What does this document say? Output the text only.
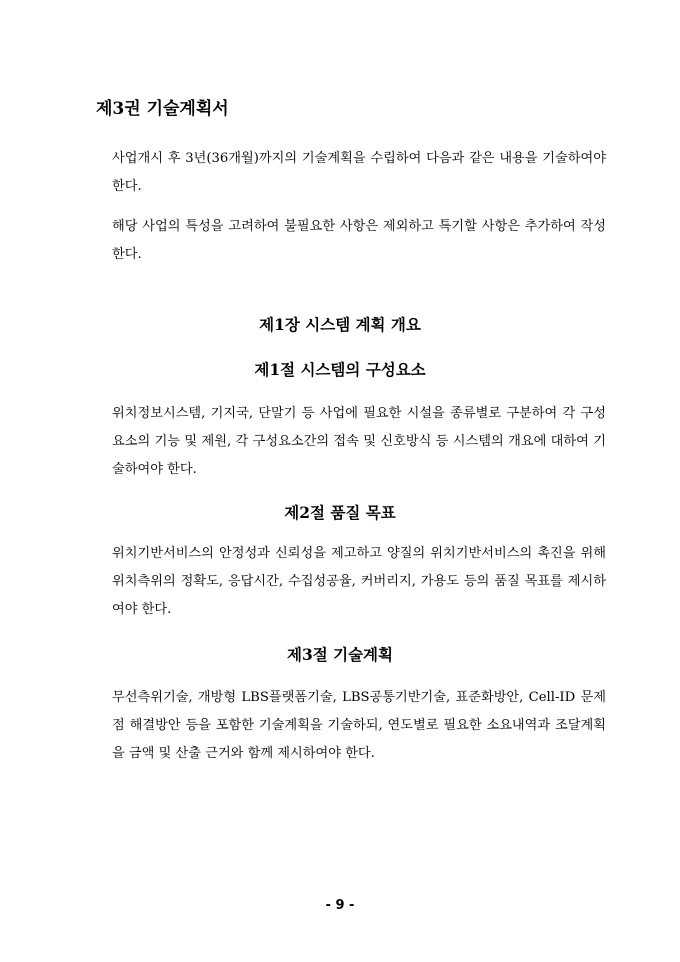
제3권 기술계획서

사업개시 후 3년(36개월)까지의 기술계획을 수립하여 다음과 같은 내용을 기술하여야 한다.

해당 사업의 특성을 고려하여 불필요한 사항은 제외하고 특기할 사항은 추가하여 작성한다.

제1장 시스템 계획 개요
제1절 시스템의 구성요소

위치정보시스템, 기지국, 단말기 등 사업에 필요한 시설을 종류별로 구분하여 각 구성요소의 기능 및 제원, 각 구성요소간의 접속 및 신호방식 등 시스템의 개요에 대하여 기술하여야 한다.

제2절 품질 목표

위치기반서비스의 안정성과 신뢰성을 제고하고 양질의 위치기반서비스의 촉진을 위해 위치측위의 정확도, 응답시간, 수집성공율, 커버리지, 가용도 등의 품질 목표를 제시하여야 한다.

제3절 기술계획

무선측위기술, 개방형 LBS플랫폼기술, LBS공통기반기술, 표준화방안, Cell-ID 문제점 해결방안 등을 포함한 기술계획을 기술하되, 연도별로 필요한 소요내역과 조달계획을 금액 및 산출 근거와 함께 제시하여야 한다.

- 9 -
